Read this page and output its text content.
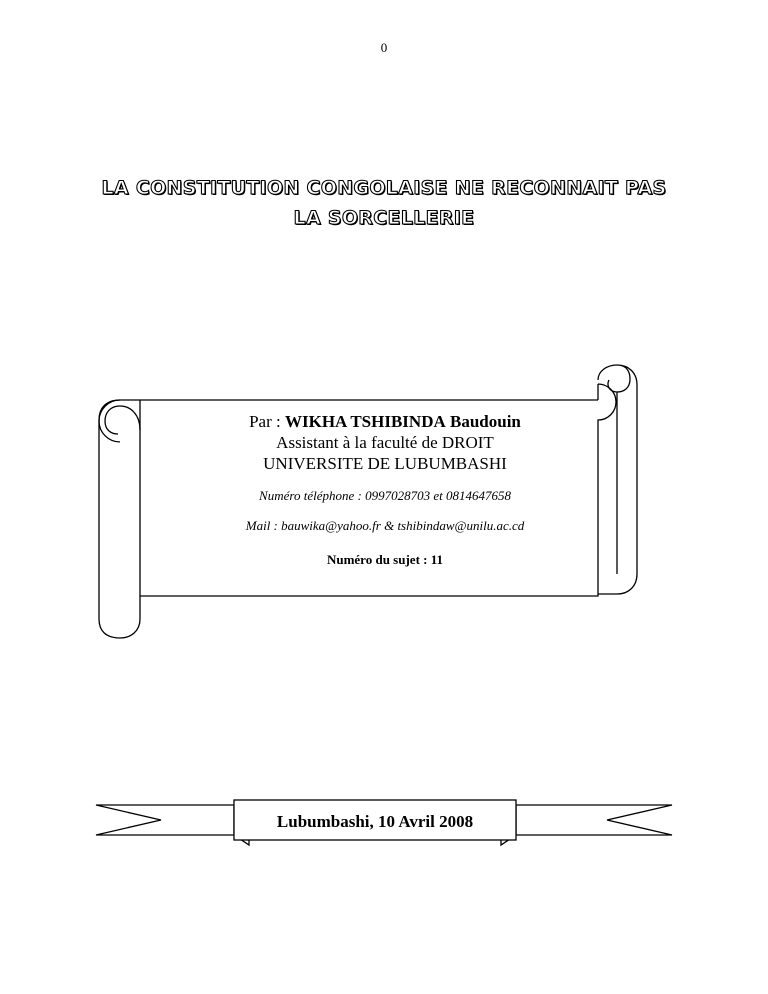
0
LA CONSTITUTION CONGOLAISE NE RECONNAIT PAS
LA SORCELLERIE
Par : WIKHA TSHIBINDA Baudouin
Assistant à la faculté de DROIT
UNIVERSITE DE LUBUMBASHI
Numéro téléphone : 0997028703 et 0814647658
Mail : bauwika@yahoo.fr & tshibindaw@unilu.ac.cd
Numéro du sujet : 11
Lubumbashi, 10 Avril 2008
